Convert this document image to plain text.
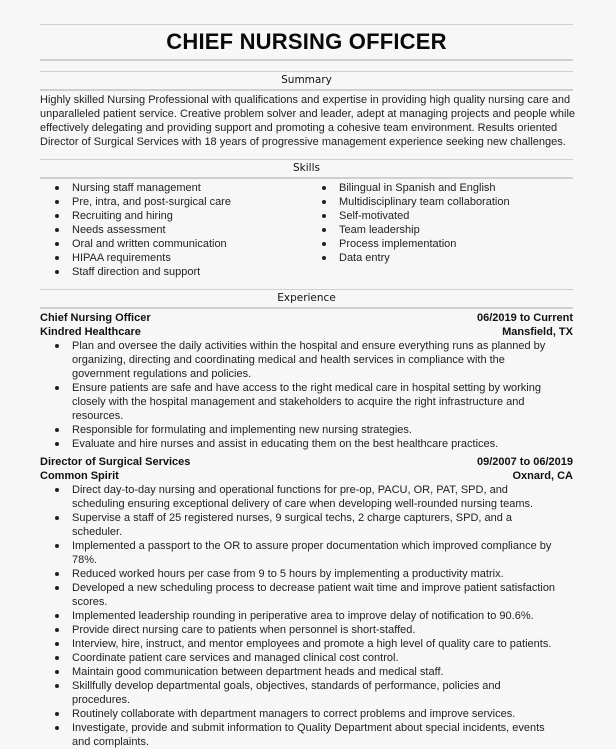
CHIEF NURSING OFFICER
Summary
Highly skilled Nursing Professional with qualifications and expertise in providing high quality nursing care and
unparalleled patient service. Creative problem solver and leader, adept at managing projects and people while
effectively delegating and providing support and promoting a cohesive team environment. Results oriented
Director of Surgical Services with 18 years of progressive management experience seeking new challenges.
Skills
Nursing staff management
Pre, intra, and post-surgical care
Recruiting and hiring
Needs assessment
Oral and written communication
HIPAA requirements
Staff direction and support
Bilingual in Spanish and English
Multidisciplinary team collaboration
Self-motivated
Team leadership
Process implementation
Data entry
Experience
Chief Nursing Officer	06/2019 to Current
Kindred Healthcare	Mansfield, TX
Plan and oversee the daily activities within the hospital and ensure everything runs as planned by organizing, directing and coordinating medical and health services in compliance with the government regulations and policies.
Ensure patients are safe and have access to the right medical care in hospital setting by working closely with the hospital management and stakeholders to acquire the right infrastructure and resources.
Responsible for formulating and implementing new nursing strategies.
Evaluate and hire nurses and assist in educating them on the best healthcare practices.
Director of Surgical Services	09/2007 to 06/2019
Common Spirit	Oxnard, CA
Direct day-to-day nursing and operational functions for pre-op, PACU, OR, PAT, SPD, and scheduling ensuring exceptional delivery of care when developing well-rounded nursing teams.
Supervise a staff of 25 registered nurses, 9 surgical techs, 2 charge capturers, SPD, and a scheduler.
Implemented a passport to the OR to assure proper documentation which improved compliance by 78%.
Reduced worked hours per case from 9 to 5 hours by implementing a productivity matrix.
Developed a new scheduling process to decrease patient wait time and improve patient satisfaction scores.
Implemented leadership rounding in periperative area to improve delay of notification to 90.6%.
Provide direct nursing care to patients when personnel is short-staffed.
Interview, hire, instruct, and mentor employees and promote a high level of quality care to patients.
Coordinate patient care services and managed clinical cost control.
Maintain good communication between department heads and medical staff.
Skillfully develop departmental goals, objectives, standards of performance, policies and procedures.
Routinely collaborate with department managers to correct problems and improve services.
Investigate, provide and submit information to Quality Department about special incidents, events and complaints.
